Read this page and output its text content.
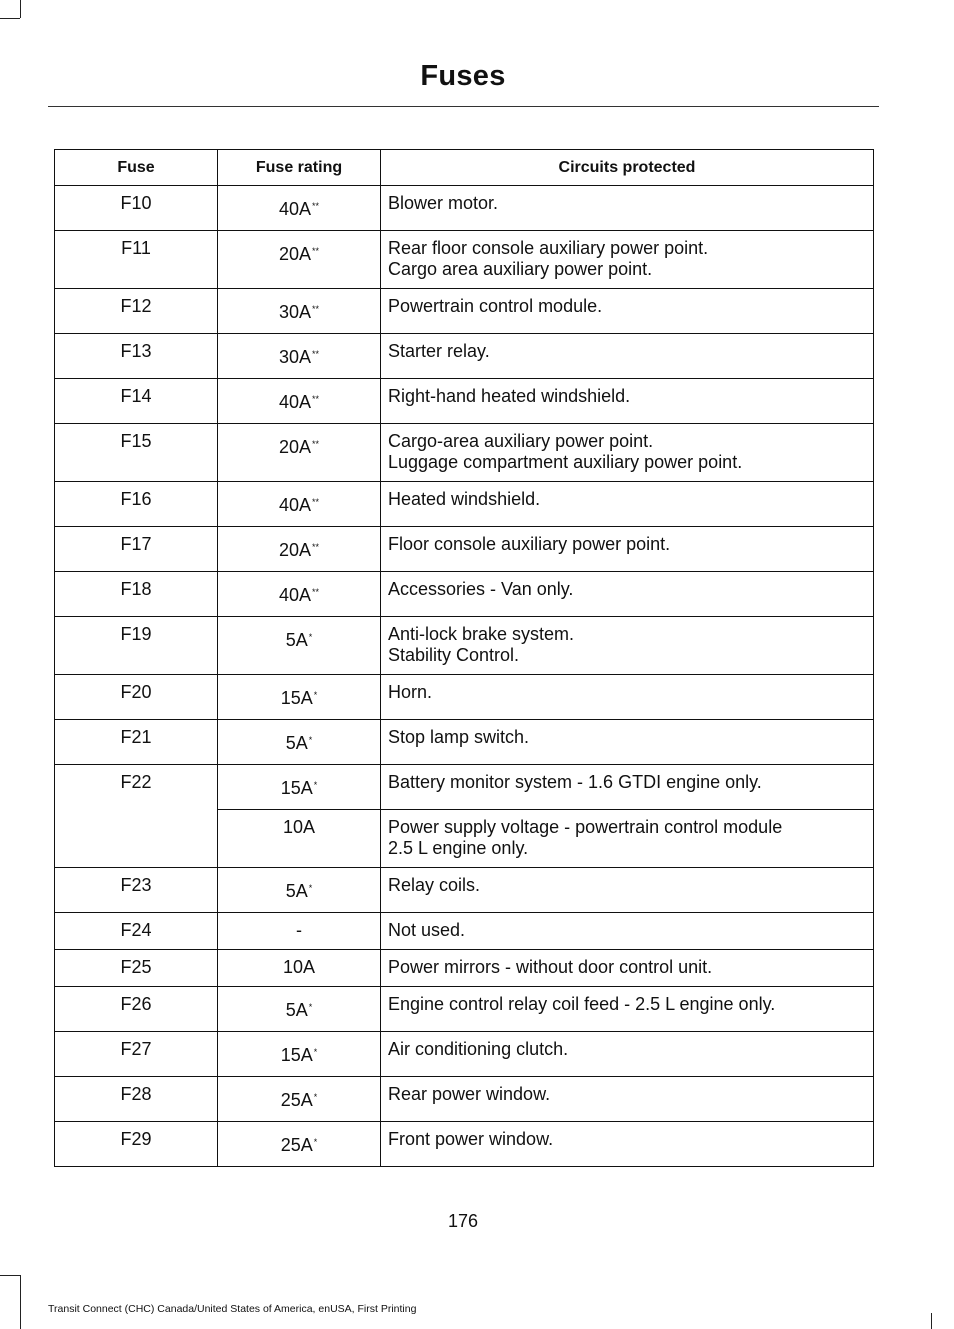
Fuses
Fuse	Fuse rating	Circuits protected
F10	40A**	Blower motor.

F11	20A**	Rear floor console auxiliary power point.
Cargo area auxiliary power point.

F12	30A**	Powertrain control module.

F13	30A**	Starter relay.

F14	40A**	Right-hand heated windshield.

F15	20A**	Cargo-area auxiliary power point.
Luggage compartment auxiliary power point.

F16	40A**	Heated windshield.

F17	20A**	Floor console auxiliary power point.

F18	40A**	Accessories - Van only.

F19	5A*	Anti-lock brake system.
Stability Control.

F20	15A*	Horn.

F21	5A*	Stop lamp switch.

F22	15A*	Battery monitor system - 1.6 GTDI engine only.

	10A	Power supply voltage - powertrain control module
2.5 L engine only.

F23	5A*	Relay coils.

F24	-	Not used.

F25	10A	Power mirrors - without door control unit.

F26	5A*	Engine control relay coil feed - 2.5 L engine only.

F27	15A*	Air conditioning clutch.

F28	25A*	Rear power window.

F29	25A*	Front power window.
176
Transit Connect (CHC) Canada/United States of America, enUSA, First Printing
